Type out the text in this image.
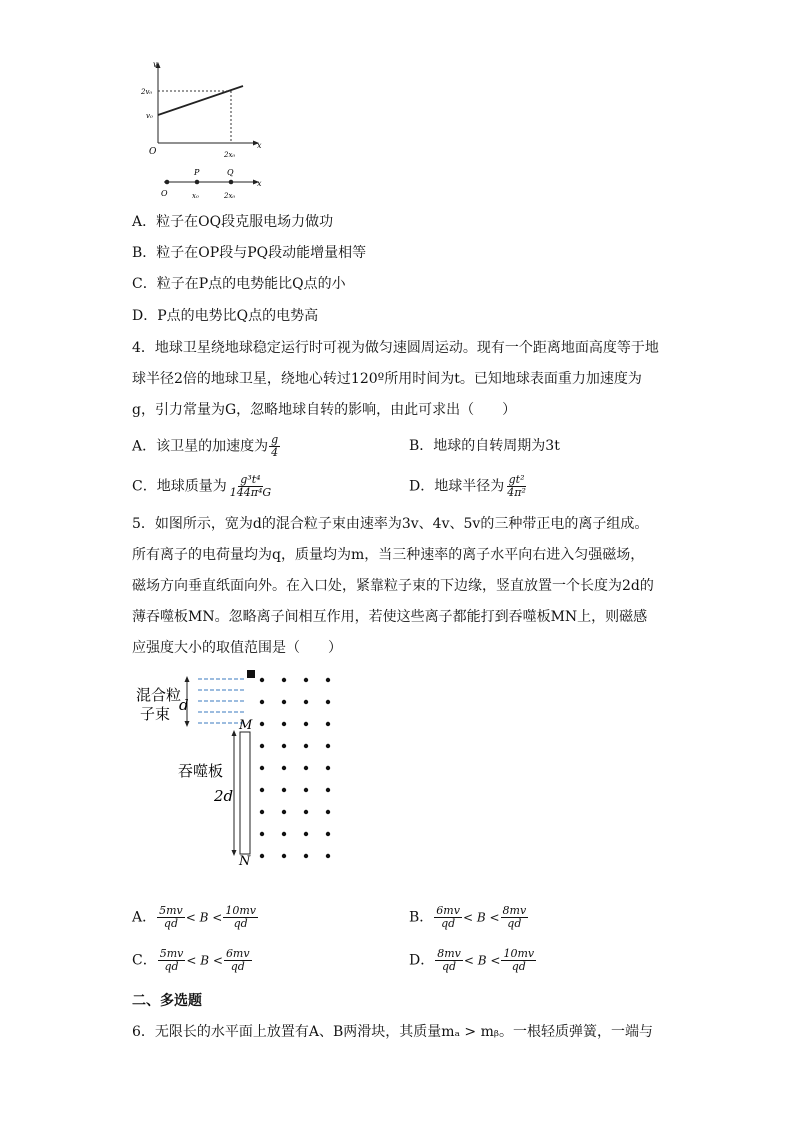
v
2v₀
v₀
O
x
2x₀
P	Q
O	x₀	2x₀
x
A．粒子在OQ段克服电场力做功
B．粒子在OP段与PQ段动能增量相等
C．粒子在P点的电势能比Q点的小
D．P点的电势比Q点的电势高
4．地球卫星绕地球稳定运行时可视为做匀速圆周运动。现有一个距离地面高度等于地
球半径2倍的地球卫星，绕地心转过120º所用时间为t。已知地球表面重力加速度为
g，引力常量为G，忽略地球自转的影响，由此可求出（　　）
A．该卫星的加速度为 $\frac{g}{4}$	B．地球的自转周期为3t
C．地球质量为 $\frac{\text{g³t⁴}}{\text{144π⁴G}}$	D．地球半径为 $\frac{\text{gt²}}{\text{4π²}}$
5．如图所示，宽为d的混合粒子束由速率为3v、4v、5v的三种带正电的离子组成。
所有离子的电荷量均为q，质量均为m，当三种速率的离子水平向右进入匀强磁场，
磁场方向垂直纸面向外。在入口处，紧靠粒子束的下边缘，竖直放置一个长度为2d的
薄吞噬板MN。忽略离子间相互作用，若使这些离子都能打到吞噬板MN上，则磁感
应强度大小的取值范围是（　　）
混合粒
子束 d
M
N
吞噬板
2d
A． $\frac{5mv}{qd} < B < \frac{10mv}{qd}$	B． $\frac{6mv}{qd} < B < \frac{8mv}{qd}$
C． $\frac{5mv}{qd} < B < \frac{6mv}{qd}$	D． $\frac{8mv}{qd} < B < \frac{10mv}{qd}$
二、多选题
6．无限长的水平面上放置有A、B两滑块，其质量mₐ > mᵦ。一根轻质弹簧，一端与
